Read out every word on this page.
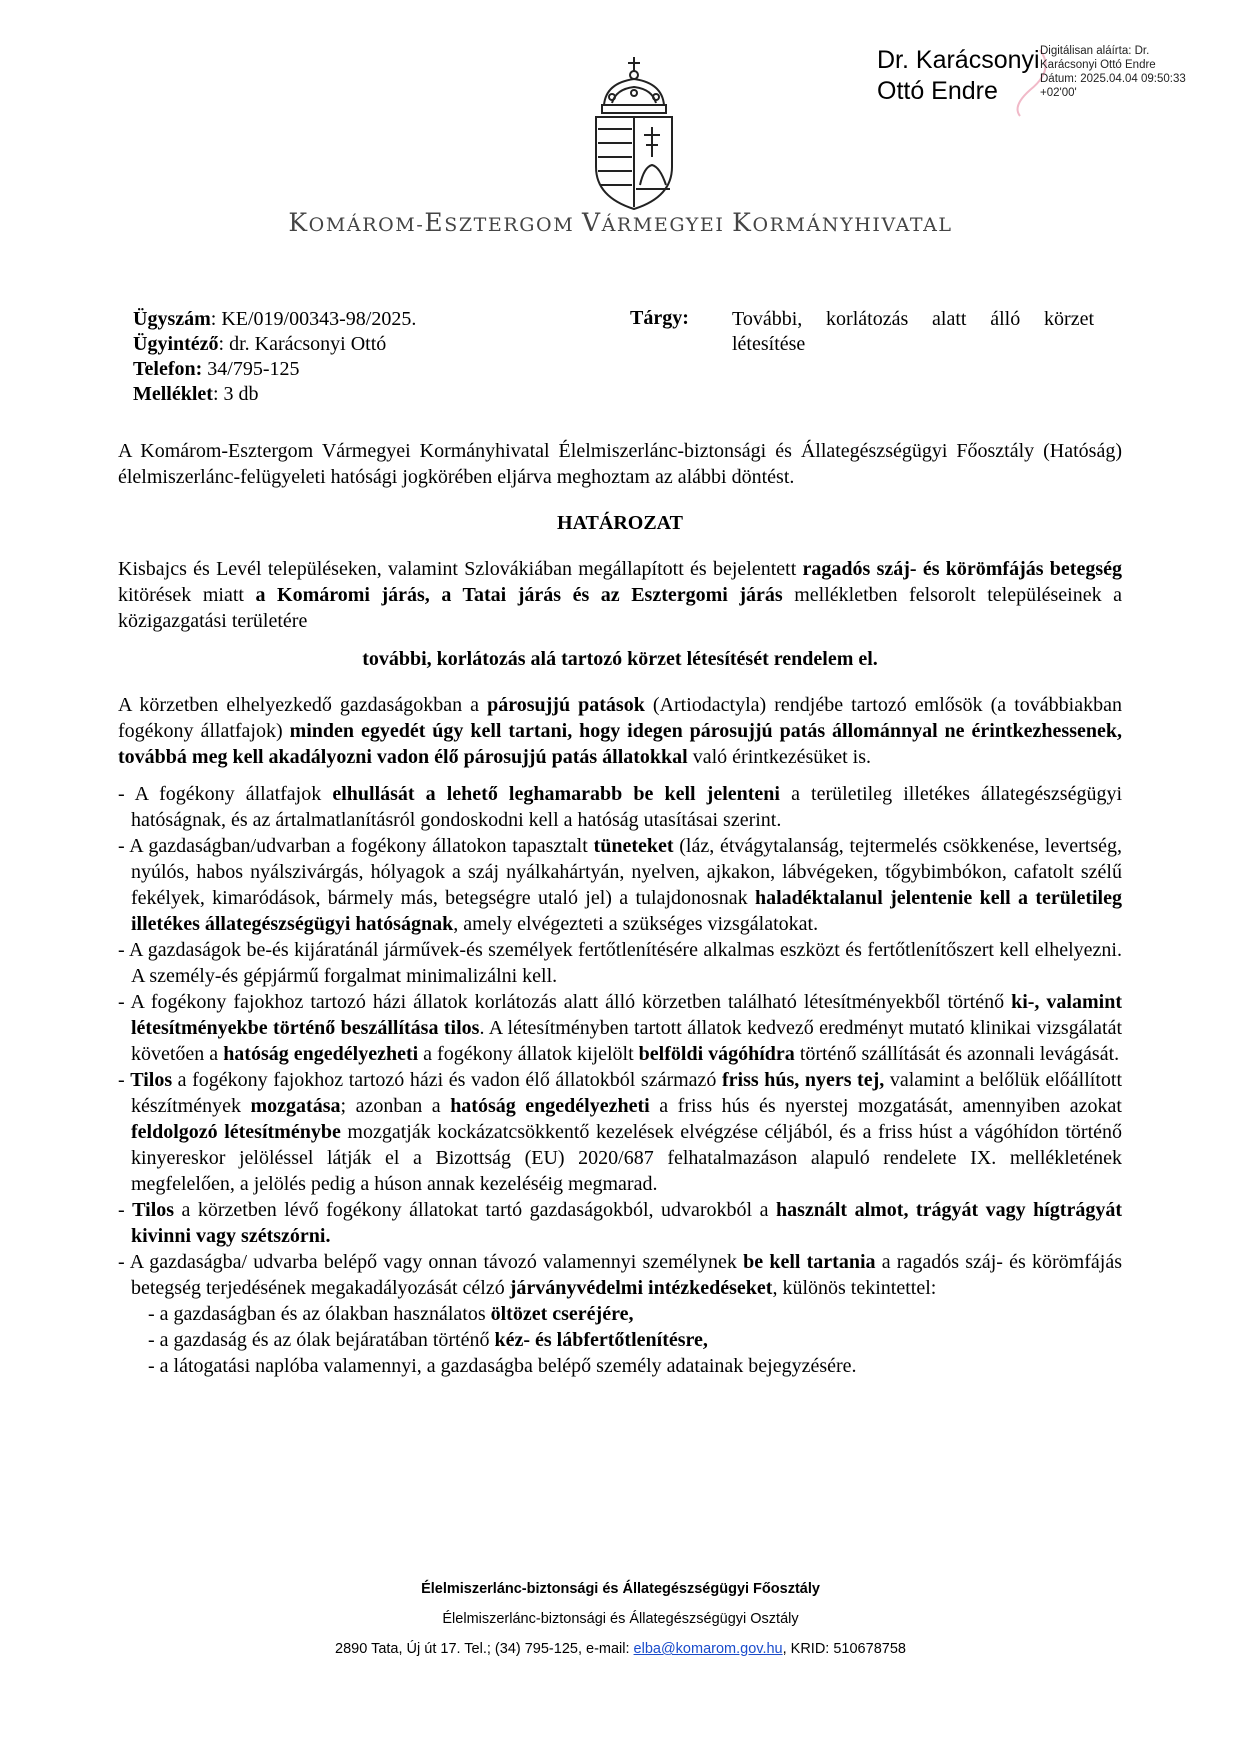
Dr. Karácsonyi
Ottó Endre
Digitálisan aláírta: Dr.
Karácsonyi Ottó Endre
Dátum: 2025.04.04 09:50:33
+02'00'
KOMÁROM-ESZTERGOM VÁRMEGYEI KORMÁNYHIVATAL
Ügyszám: KE/019/00343-98/2025.
Ügyintéző: dr. Karácsonyi Ottó
Telefon: 34/795-125
Melléklet: 3 db
Tárgy: További, korlátozás alatt álló körzet
létesítése

A Komárom-Esztergom Vármegyei Kormányhivatal Élelmiszerlánc-biztonsági és Állategészségügyi Főosztály (Hatóság) élelmiszerlánc-felügyeleti hatósági jogkörében eljárva meghoztam az alábbi döntést.

HATÁROZAT

Kisbajcs és Levél településeken, valamint Szlovákiában megállapított és bejelentett ragadós száj- és körömfájás betegség kitörések miatt a Komáromi járás, a Tatai járás és az Esztergomi járás mellékletben felsorolt településeinek a közigazgatási területére

további, korlátozás alá tartozó körzet létesítését rendelem el.

A körzetben elhelyezkedő gazdaságokban a párosujjú patások (Artiodactyla) rendjébe tartozó emlősök (a továbbiakban fogékony állatfajok) minden egyedét úgy kell tartani, hogy idegen párosujjú patás állománnyal ne érintkezhessenek, továbbá meg kell akadályozni vadon élő párosujjú patás állatokkal való érintkezésüket is.

- A fogékony állatfajok elhullását a lehető leghamarabb be kell jelenteni a területileg illetékes állategészségügyi hatóságnak, és az ártalmatlanításról gondoskodni kell a hatóság utasításai szerint.

- A gazdaságban/udvarban a fogékony állatokon tapasztalt tüneteket (láz, étvágytalanság, tejtermelés csökkenése, levertség, nyúlós, habos nyálszivárgás, hólyagok a száj nyálkahártyán, nyelven, ajkakon, lábvégeken, tőgybimbókon, cafatolt szélű fekélyek, kimaródások, bármely más, betegségre utaló jel) a tulajdonosnak haladéktalanul jelentenie kell a területileg illetékes állategészségügyi hatóságnak, amely elvégezteti a szükséges vizsgálatokat.

- A gazdaságok be-és kijáratánál járművek-és személyek fertőtlenítésére alkalmas eszközt és fertőtlenítőszert kell elhelyezni. A személy-és gépjármű forgalmat minimalizálni kell.

- A fogékony fajokhoz tartozó házi állatok korlátozás alatt álló körzetben található létesítményekből történő ki-, valamint létesítményekbe történő beszállítása tilos. A létesítményben tartott állatok kedvező eredményt mutató klinikai vizsgálatát követően a hatóság engedélyezheti a fogékony állatok kijelölt belföldi vágóhídra történő szállítását és azonnali levágását.

- Tilos a fogékony fajokhoz tartozó házi és vadon élő állatokból származó friss hús, nyers tej, valamint a belőlük előállított készítmények mozgatása; azonban a hatóság engedélyezheti a friss hús és nyerstej mozgatását, amennyiben azokat feldolgozó létesítménybe mozgatják kockázatcsökkentő kezelések elvégzése céljából, és a friss húst a vágóhídon történő kinyereskor jelöléssel látják el a Bizottság (EU) 2020/687 felhatalmazáson alapuló rendelete IX. mellékletének megfelelően, a jelölés pedig a húson annak kezeléséig megmarad.

- Tilos a körzetben lévő fogékony állatokat tartó gazdaságokból, udvarokból a használt almot, trágyát vagy hígtrágyát kivinni vagy szétszórni.

- A gazdaságba/ udvarba belépő vagy onnan távozó valamennyi személynek be kell tartania a ragadós száj- és körömfájás betegség terjedésének megakadályozását célzó járványvédelmi intézkedéseket, különös tekintettel:

- a gazdaságban és az ólakban használatos öltözet cseréjére,

- a gazdaság és az ólak bejáratában történő kéz- és lábfertőtlenítésre,

- a látogatási naplóba valamennyi, a gazdaságba belépő személy adatainak bejegyzésére.

Élelmiszerlánc-biztonsági és Állategészségügyi Főosztály
Élelmiszerlánc-biztonsági és Állategészségügyi Osztály
2890 Tata, Új út 17. Tel.; (34) 795-125, e-mail: elba@komarom.gov.hu, KRID: 510678758
